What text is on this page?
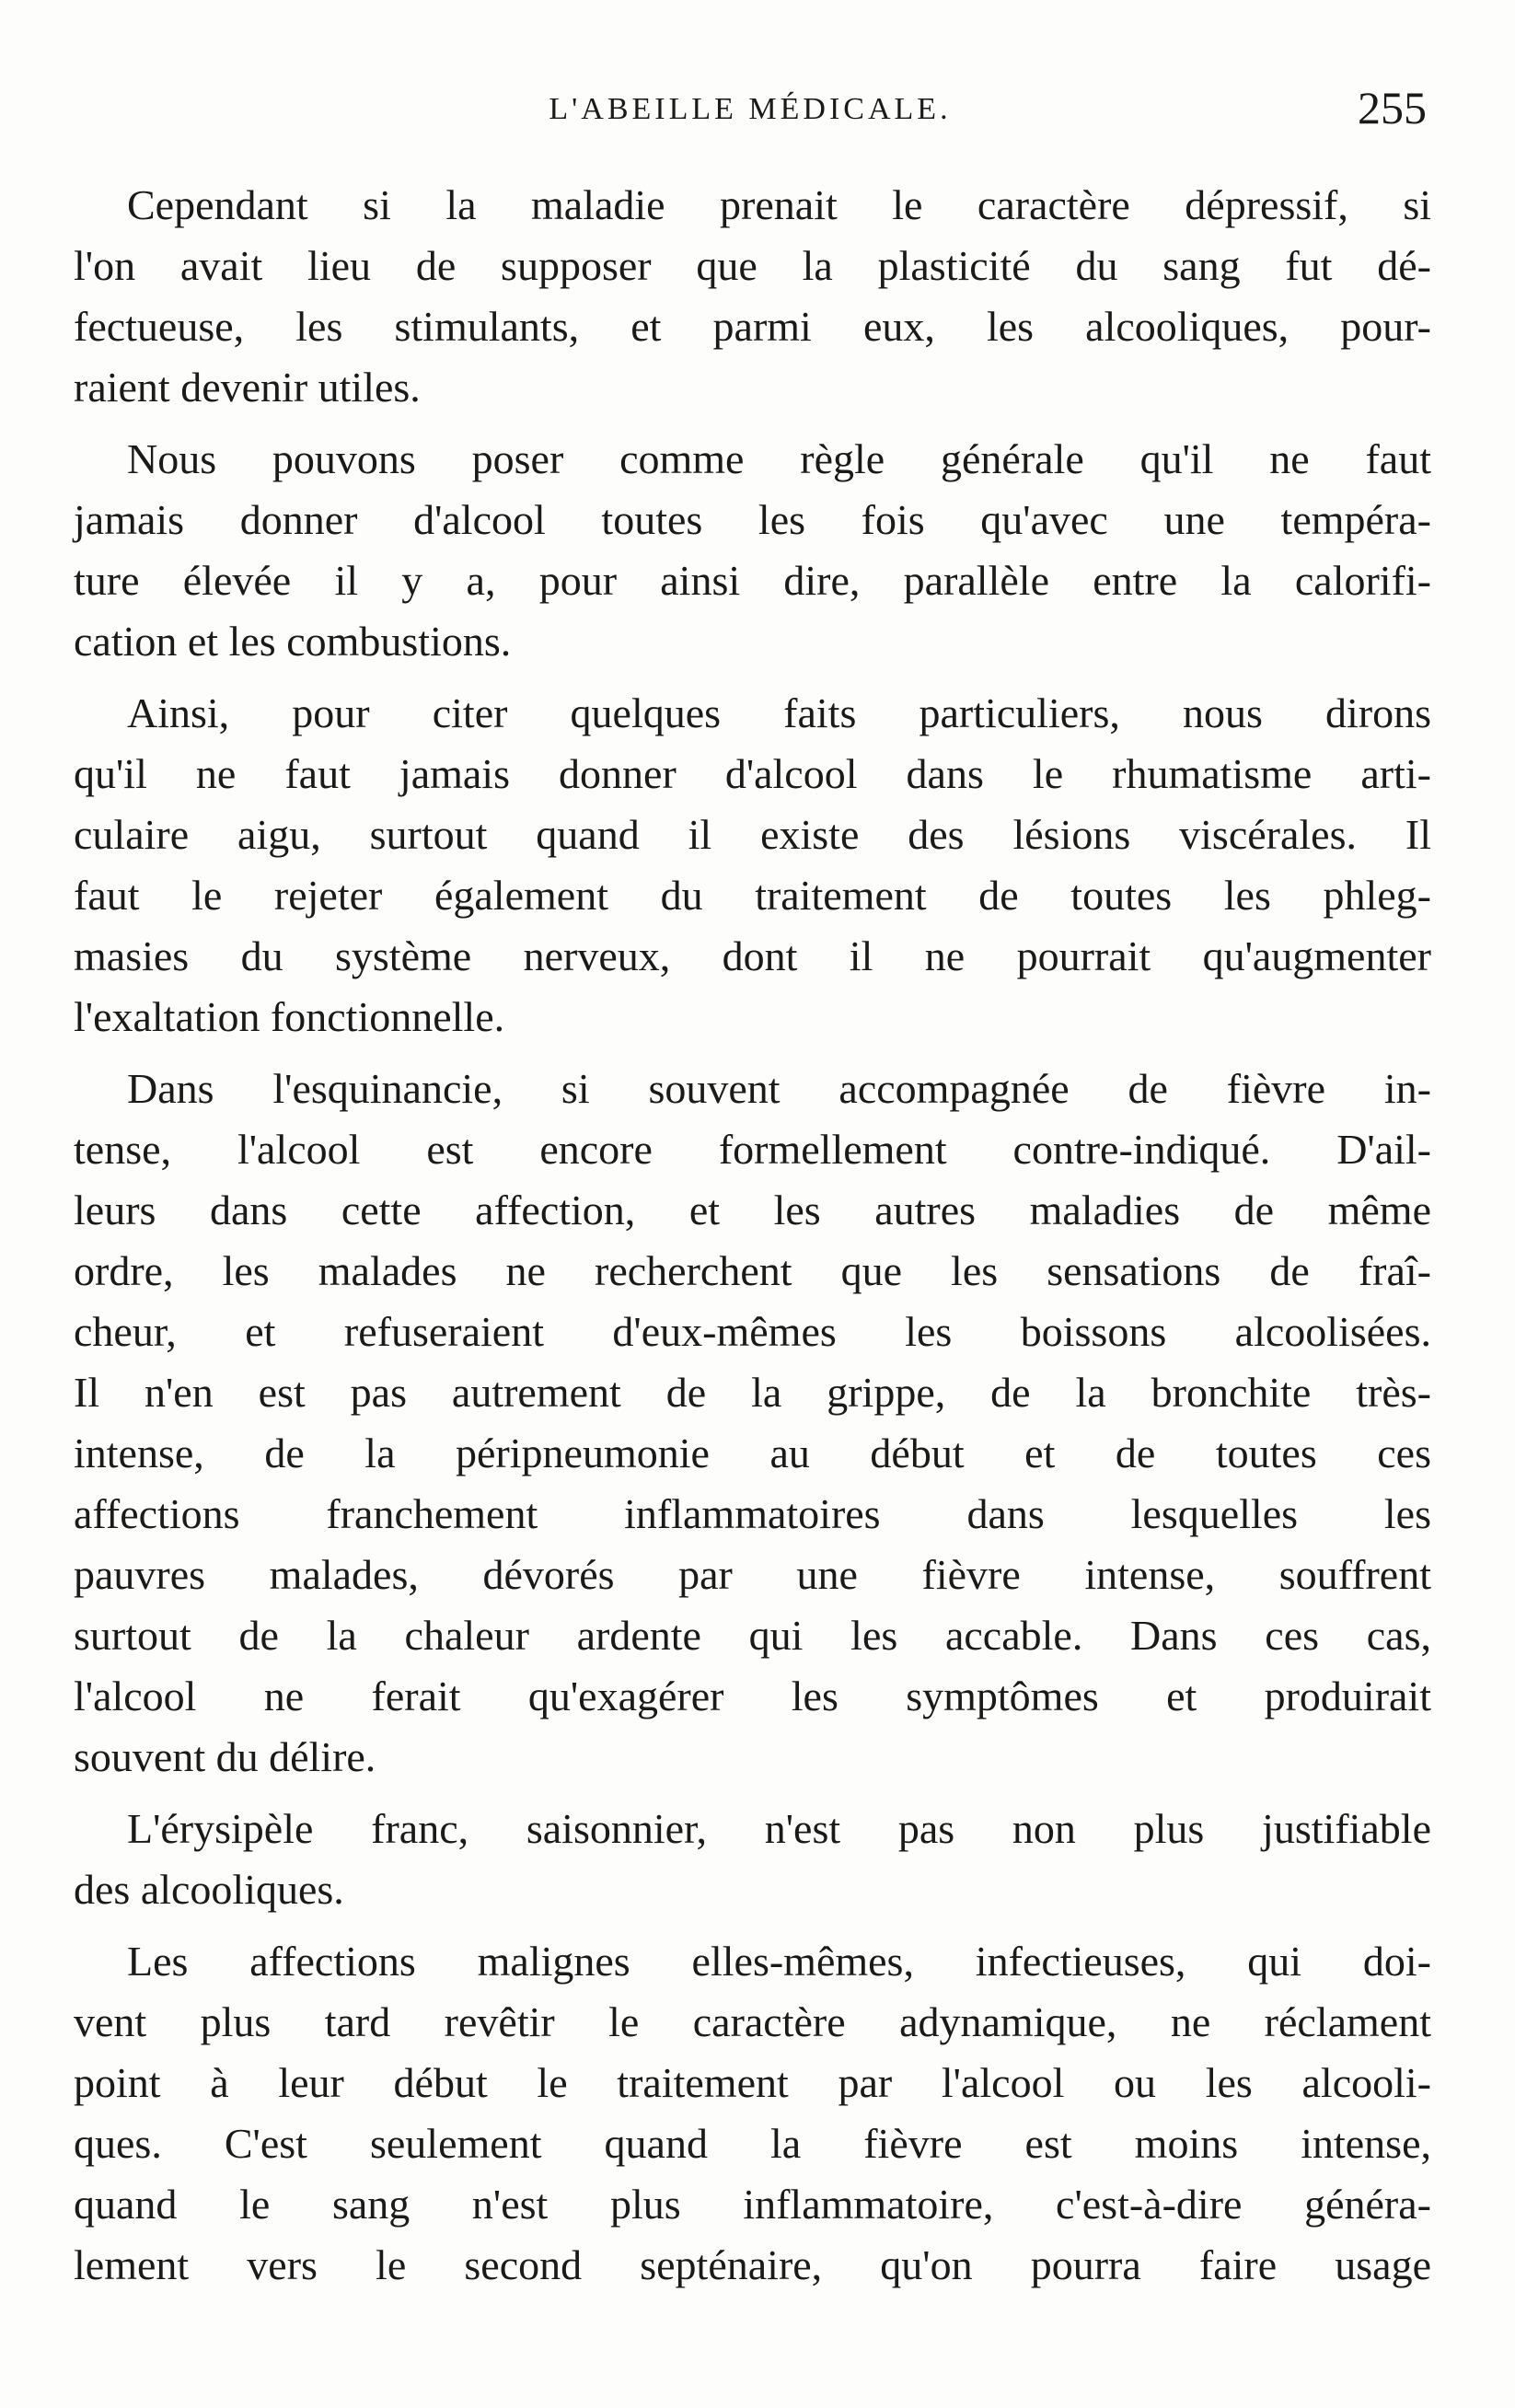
L'ABEILLE MÉDICALE.	255
Cependant si la maladie prenait le caractère dépressif, si
l'on avait lieu de supposer que la plasticité du sang fut dé-
fectueuse, les stimulants, et parmi eux, les alcooliques, pour-
raient devenir utiles.
Nous pouvons poser comme règle générale qu'il ne faut
jamais donner d'alcool toutes les fois qu'avec une tempéra-
ture élevée il y a, pour ainsi dire, parallèle entre la calorifi-
cation et les combustions.
Ainsi, pour citer quelques faits particuliers, nous dirons
qu'il ne faut jamais donner d'alcool dans le rhumatisme arti-
culaire aigu, surtout quand il existe des lésions viscérales. Il
faut le rejeter également du traitement de toutes les phleg-
masies du système nerveux, dont il ne pourrait qu'augmenter
l'exaltation fonctionnelle.
Dans l'esquinancie, si souvent accompagnée de fièvre in-
tense, l'alcool est encore formellement contre-indiqué. D'ail-
leurs dans cette affection, et les autres maladies de même
ordre, les malades ne recherchent que les sensations de fraî-
cheur, et refuseraient d'eux-mêmes les boissons alcoolisées.
Il n'en est pas autrement de la grippe, de la bronchite très-
intense, de la péripneumonie au début et de toutes ces
affections franchement inflammatoires dans lesquelles les
pauvres malades, dévorés par une fièvre intense, souffrent
surtout de la chaleur ardente qui les accable. Dans ces cas,
l'alcool ne ferait qu'exagérer les symptômes et produirait
souvent du délire.
L'érysipèle franc, saisonnier, n'est pas non plus justifiable
des alcooliques.
Les affections malignes elles-mêmes, infectieuses, qui doi-
vent plus tard revêtir le caractère adynamique, ne réclament
point à leur début le traitement par l'alcool ou les alcooli-
ques. C'est seulement quand la fièvre est moins intense,
quand le sang n'est plus inflammatoire, c'est-à-dire généra-
lement vers le second septénaire, qu'on pourra faire usage
